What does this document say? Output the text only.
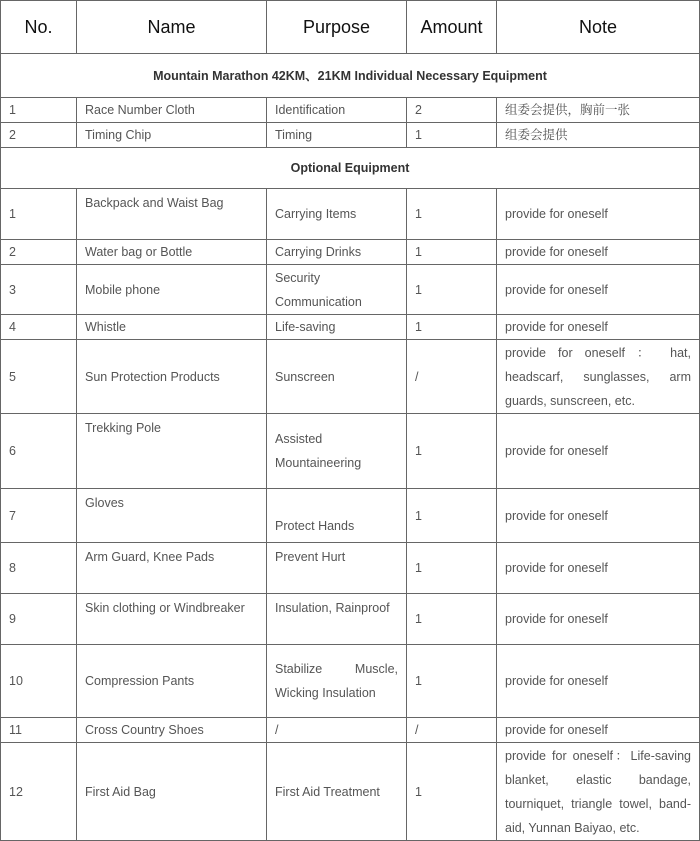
No.	Name	Purpose	Amount	Note
Mountain Marathon 42KM、21KM Individual Necessary Equipment				
1	Race Number Cloth	Identification	2	组委会提供，胸前一张
2	Timing Chip	Timing	1	组委会提供
Optional Equipment				
1	Backpack and Waist Bag	Carrying Items	1	provide for oneself
2	Water bag or Bottle	Carrying Drinks	1	provide for oneself
3	Mobile phone	Security Communication	1	provide for oneself
4	Whistle	Life-saving	1	provide for oneself
5	Sun Protection Products	Sunscreen	/	provide for oneself ： hat, headscarf, sunglasses, arm guards, sunscreen, etc.
6	Trekking Pole	Assisted Mountaineering	1	provide for oneself
7	Gloves	Protect Hands	1	provide for oneself
8	Arm Guard, Knee Pads	Prevent Hurt	1	provide for oneself
9	Skin clothing or Windbreaker	Insulation, Rainproof	1	provide for oneself
10	Compression Pants	Stabilize Muscle, Wicking Insulation	1	provide for oneself
11	Cross Country Shoes	/	/	provide for oneself
12	First Aid Bag	First Aid Treatment	1	provide for oneself：Life-saving blanket, elastic bandage, tourniquet, triangle towel, band-aid, Yunnan Baiyao, etc.
